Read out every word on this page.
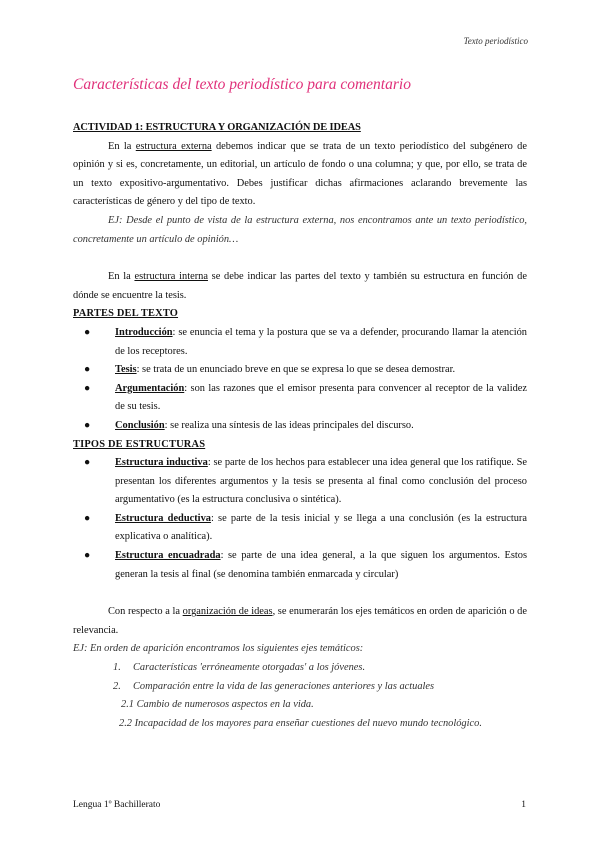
Texto periodístico
Características del texto periodístico para comentario

ACTIVIDAD 1: ESTRUCTURA Y ORGANIZACIÓN DE IDEAS

En la estructura externa debemos indicar que se trata de un texto periodístico del subgénero de opinión y si es, concretamente, un editorial, un artículo de fondo o una columna; y que, por ello, se trata de un texto expositivo-argumentativo. Debes justificar dichas afirmaciones aclarando brevemente las características de género y del tipo de texto.

EJ: Desde el punto de vista de la estructura externa, nos encontramos ante un texto periodístico, concretamente un artículo de opinión…

En la estructura interna se debe indicar las partes del texto y también su estructura en función de dónde se encuentre la tesis.

PARTES DEL TEXTO

● Introducción: se enuncia el tema y la postura que se va a defender, procurando llamar la atención de los receptores.
● Tesis: se trata de un enunciado breve en que se expresa lo que se desea demostrar.
● Argumentación: son las razones que el emisor presenta para convencer al receptor de la validez de su tesis.
● Conclusión: se realiza una síntesis de las ideas principales del discurso.

TIPOS DE ESTRUCTURAS

● Estructura inductiva: se parte de los hechos para establecer una idea general que los ratifique. Se presentan los diferentes argumentos y la tesis se presenta al final como conclusión del proceso argumentativo (es la estructura conclusiva o sintética).
● Estructura deductiva: se parte de la tesis inicial y se llega a una conclusión (es la estructura explicativa o analítica).
● Estructura encuadrada: se parte de una idea general, a la que siguen los argumentos. Estos generan la tesis al final (se denomina también enmarcada y circular)

Con respecto a la organización de ideas, se enumerarán los ejes temáticos en orden de aparición o de relevancia.

EJ: En orden de aparición encontramos los siguientes ejes temáticos:

1. Características 'erróneamente otorgadas' a los jóvenes.
2. Comparación entre la vida de las generaciones anteriores y las actuales

2.1 Cambio de numerosos aspectos en la vida.

2.2 Incapacidad de los mayores para enseñar cuestiones del nuevo mundo tecnológico.

Lengua 1º Bachillerato	1
